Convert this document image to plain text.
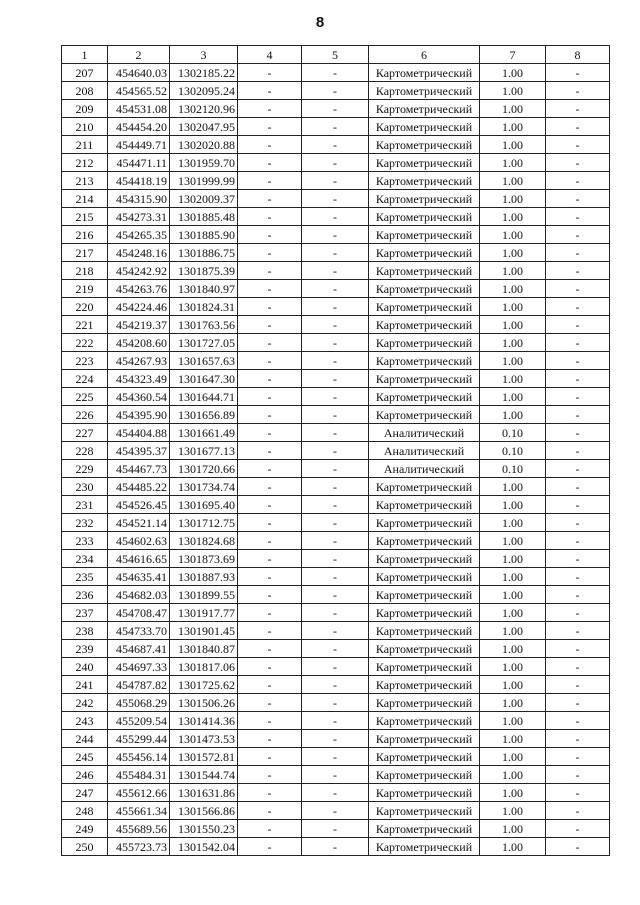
8
1	2	3	4	5	6	7	8
207	454640.03	1302185.22	-	-	Картометрический	1.00	-
208	454565.52	1302095.24	-	-	Картометрический	1.00	-
209	454531.08	1302120.96	-	-	Картометрический	1.00	-
210	454454.20	1302047.95	-	-	Картометрический	1.00	-
211	454449.71	1302020.88	-	-	Картометрический	1.00	-
212	454471.11	1301959.70	-	-	Картометрический	1.00	-
213	454418.19	1301999.99	-	-	Картометрический	1.00	-
214	454315.90	1302009.37	-	-	Картометрический	1.00	-
215	454273.31	1301885.48	-	-	Картометрический	1.00	-
216	454265.35	1301885.90	-	-	Картометрический	1.00	-
217	454248.16	1301886.75	-	-	Картометрический	1.00	-
218	454242.92	1301875.39	-	-	Картометрический	1.00	-
219	454263.76	1301840.97	-	-	Картометрический	1.00	-
220	454224.46	1301824.31	-	-	Картометрический	1.00	-
221	454219.37	1301763.56	-	-	Картометрический	1.00	-
222	454208.60	1301727.05	-	-	Картометрический	1.00	-
223	454267.93	1301657.63	-	-	Картометрический	1.00	-
224	454323.49	1301647.30	-	-	Картометрический	1.00	-
225	454360.54	1301644.71	-	-	Картометрический	1.00	-
226	454395.90	1301656.89	-	-	Картометрический	1.00	-
227	454404.88	1301661.49	-	-	Аналитический	0.10	-
228	454395.37	1301677.13	-	-	Аналитический	0.10	-
229	454467.73	1301720.66	-	-	Аналитический	0.10	-
230	454485.22	1301734.74	-	-	Картометрический	1.00	-
231	454526.45	1301695.40	-	-	Картометрический	1.00	-
232	454521.14	1301712.75	-	-	Картометрический	1.00	-
233	454602.63	1301824.68	-	-	Картометрический	1.00	-
234	454616.65	1301873.69	-	-	Картометрический	1.00	-
235	454635.41	1301887.93	-	-	Картометрический	1.00	-
236	454682.03	1301899.55	-	-	Картометрический	1.00	-
237	454708.47	1301917.77	-	-	Картометрический	1.00	-
238	454733.70	1301901.45	-	-	Картометрический	1.00	-
239	454687.41	1301840.87	-	-	Картометрический	1.00	-
240	454697.33	1301817.06	-	-	Картометрический	1.00	-
241	454787.82	1301725.62	-	-	Картометрический	1.00	-
242	455068.29	1301506.26	-	-	Картометрический	1.00	-
243	455209.54	1301414.36	-	-	Картометрический	1.00	-
244	455299.44	1301473.53	-	-	Картометрический	1.00	-
245	455456.14	1301572.81	-	-	Картометрический	1.00	-
246	455484.31	1301544.74	-	-	Картометрический	1.00	-
247	455612.66	1301631.86	-	-	Картометрический	1.00	-
248	455661.34	1301566.86	-	-	Картометрический	1.00	-
249	455689.56	1301550.23	-	-	Картометрический	1.00	-
250	455723.73	1301542.04	-	-	Картометрический	1.00	-
